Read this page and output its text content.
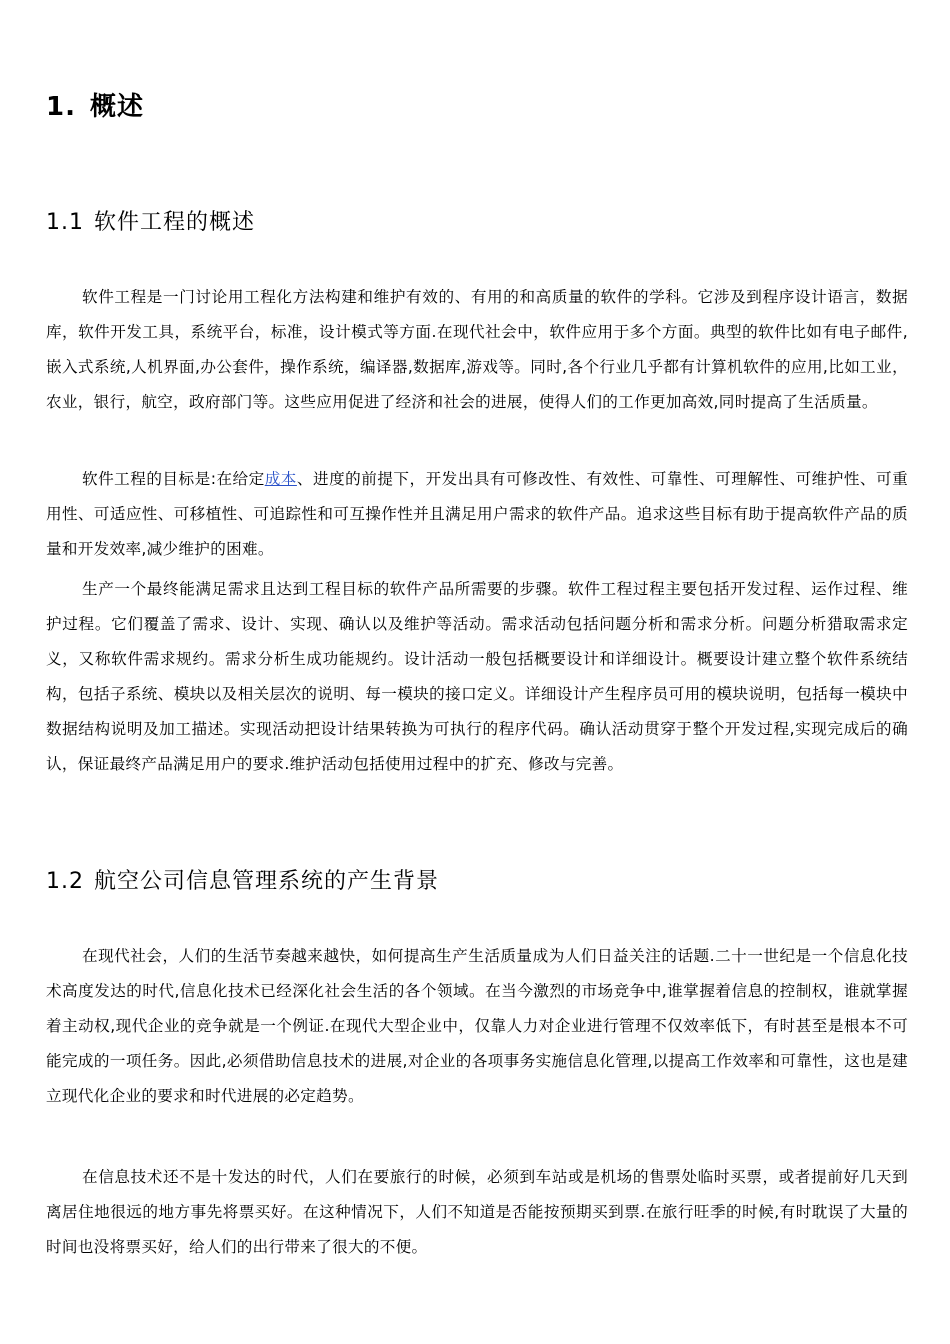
1. 概述
1.1 软件工程的概述

软件工程是一门讨论用工程化方法构建和维护有效的、有用的和高质量的软件的学科。它涉及到程序设计语言，数据库，软件开发工具，系统平台，标准，设计模式等方面.在现代社会中，软件应用于多个方面。典型的软件比如有电子邮件,嵌入式系统,人机界面,办公套件，操作系统，编译器,数据库,游戏等。同时,各个行业几乎都有计算机软件的应用,比如工业，农业，银行，航空，政府部门等。这些应用促进了经济和社会的进展，使得人们的工作更加高效,同时提高了生活质量。

软件工程的目标是:在给定成本、进度的前提下，开发出具有可修改性、有效性、可靠性、可理解性、可维护性、可重用性、可适应性、可移植性、可追踪性和可互操作性并且满足用户需求的软件产品。追求这些目标有助于提高软件产品的质量和开发效率,减少维护的困难。

生产一个最终能满足需求且达到工程目标的软件产品所需要的步骤。软件工程过程主要包括开发过程、运作过程、维护过程。它们覆盖了需求、设计、实现、确认以及维护等活动。需求活动包括问题分析和需求分析。问题分析猎取需求定义，又称软件需求规约。需求分析生成功能规约。设计活动一般包括概要设计和详细设计。概要设计建立整个软件系统结构，包括子系统、模块以及相关层次的说明、每一模块的接口定义。详细设计产生程序员可用的模块说明，包括每一模块中数据结构说明及加工描述。实现活动把设计结果转换为可执行的程序代码。确认活动贯穿于整个开发过程,实现完成后的确认，保证最终产品满足用户的要求.维护活动包括使用过程中的扩充、修改与完善。

1.2 航空公司信息管理系统的产生背景

在现代社会，人们的生活节奏越来越快，如何提高生产生活质量成为人们日益关注的话题.二十一世纪是一个信息化技术高度发达的时代,信息化技术已经深化社会生活的各个领域。在当今激烈的市场竞争中,谁掌握着信息的控制权，谁就掌握着主动权,现代企业的竞争就是一个例证.在现代大型企业中，仅靠人力对企业进行管理不仅效率低下，有时甚至是根本不可能完成的一项任务。因此,必须借助信息技术的进展,对企业的各项事务实施信息化管理,以提高工作效率和可靠性，这也是建立现代化企业的要求和时代进展的必定趋势。

在信息技术还不是十发达的时代，人们在要旅行的时候，必须到车站或是机场的售票处临时买票，或者提前好几天到离居住地很远的地方事先将票买好。在这种情况下，人们不知道是否能按预期买到票.在旅行旺季的时候,有时耽误了大量的时间也没将票买好，给人们的出行带来了很大的不便。
